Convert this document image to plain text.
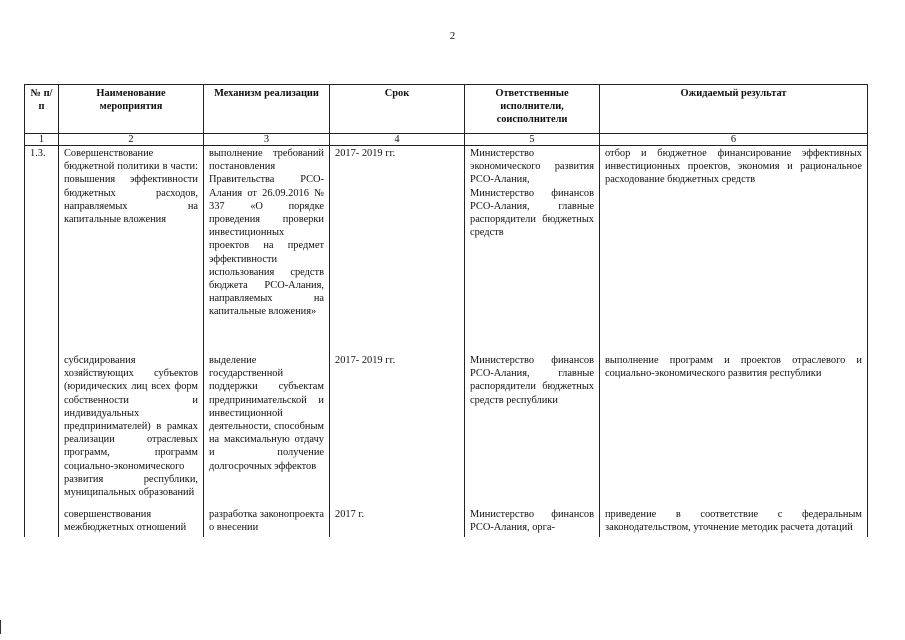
2
№ п/п	Наименование мероприятия	Механизм реализации	Срок	Ответственные исполнители, соисполнители	Ожидаемый результат
1	2	3	4	5	6
1.3.	Совершенствование бюджетной политики в части: повышения эффективности бюджетных расходов, направляемых на капитальные вложения	выполнение требований постановления Правительства РСО-Алания от 26.09.2016 № 337 «О порядке проведения проверки инвестиционных проектов на предмет эффективности использования средств бюджета РСО-Алания, направляемых на капитальные вложения»	2017- 2019 гг.	Министерство экономического развития РСО-Алания, Министерство финансов РСО-Алания, главные распорядители бюджетных средств	отбор и бюджетное финансирование эффективных инвестиционных проектов, экономия и рациональное расходование бюджетных средств
	субсидирования хозяйствующих субъектов (юридических лиц всех форм собственности и индивидуальных предпринимателей) в рамках реализации отраслевых программ, программ социально-экономического развития республики, муниципальных образований	выделение государственной поддержки субъектам предпринимательской и инвестиционной деятельности, способным на максимальную отдачу и получение долгосрочных эффектов	2017- 2019 гг.	Министерство финансов РСО-Алания, главные распорядители бюджетных средств республики	выполнение программ и проектов отраслевого и социально-экономического развития республики
	совершенствования межбюджетных отношений	разработка законопроекта о внесении	2017 г.	Министерство финансов РСО-Алания, орга-	приведение в соответствие с федеральным законодательством, уточнение методик расчета дотаций
